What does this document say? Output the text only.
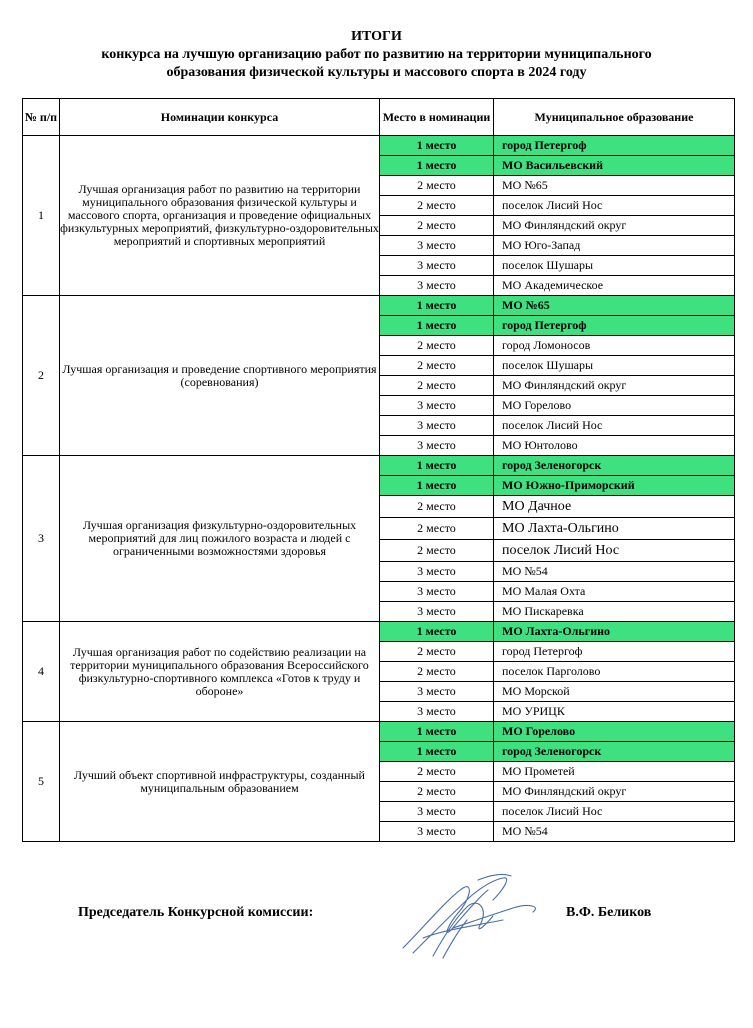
ИТОГИ
конкурса на лучшую организацию работ по развитию на территории муниципального
образования физической культуры и массового спорта в 2024 году
№ п/п	Номинации конкурса	Место в номинации	Муниципальное образование
1	Лучшая организация работ по развитию на территории муниципального образования физической культуры и массового спорта, организация и проведение официальных физкультурных мероприятий, физкультурно-оздоровительных мероприятий и спортивных мероприятий	1 место	город Петергоф
		1 место	МО Васильевский
		2 место	МО №65
		2 место	поселок Лисий Нос
		2 место	МО Финляндский округ
		3 место	МО Юго-Запад
		3 место	поселок Шушары
		3 место	МО Академическое
2	Лучшая организация и проведение спортивного мероприятия (соревнования)	1 место	МО №65
		1 место	город Петергоф
		2 место	город Ломоносов
		2 место	поселок Шушары
		2 место	МО Финляндский округ
		3 место	МО Горелово
		3 место	поселок Лисий Нос
		3 место	МО Юнтолово
3	Лучшая организация физкультурно-оздоровительных мероприятий для лиц пожилого возраста и людей с ограниченными возможностями здоровья	1 место	город Зеленогорск
		1 место	МО Южно-Приморский
		2 место	МО Дачное
		2 место	МО Лахта-Ольгино
		2 место	поселок Лисий Нос
		3 место	МО №54
		3 место	МО Малая Охта
		3 место	МО Пискаревка
4	Лучшая организация работ по содействию реализации на территории муниципального образования Всероссийского физкультурно-спортивного комплекса «Готов к труду и обороне»	1 место	МО Лахта-Ольгино
		2 место	город Петергоф
		2 место	поселок Парголово
		3 место	МО Морской
		3 место	МО УРИЦК
5	Лучший объект спортивной инфраструктуры, созданный муниципальным образованием	1 место	МО Горелово
		1 место	город Зеленогорск
		2 место	МО Прометей
		2 место	МО Финляндский округ
		3 место	поселок Лисий Нос
		3 место	МО №54
Председатель Конкурсной комиссии:	В.Ф. Беликов
